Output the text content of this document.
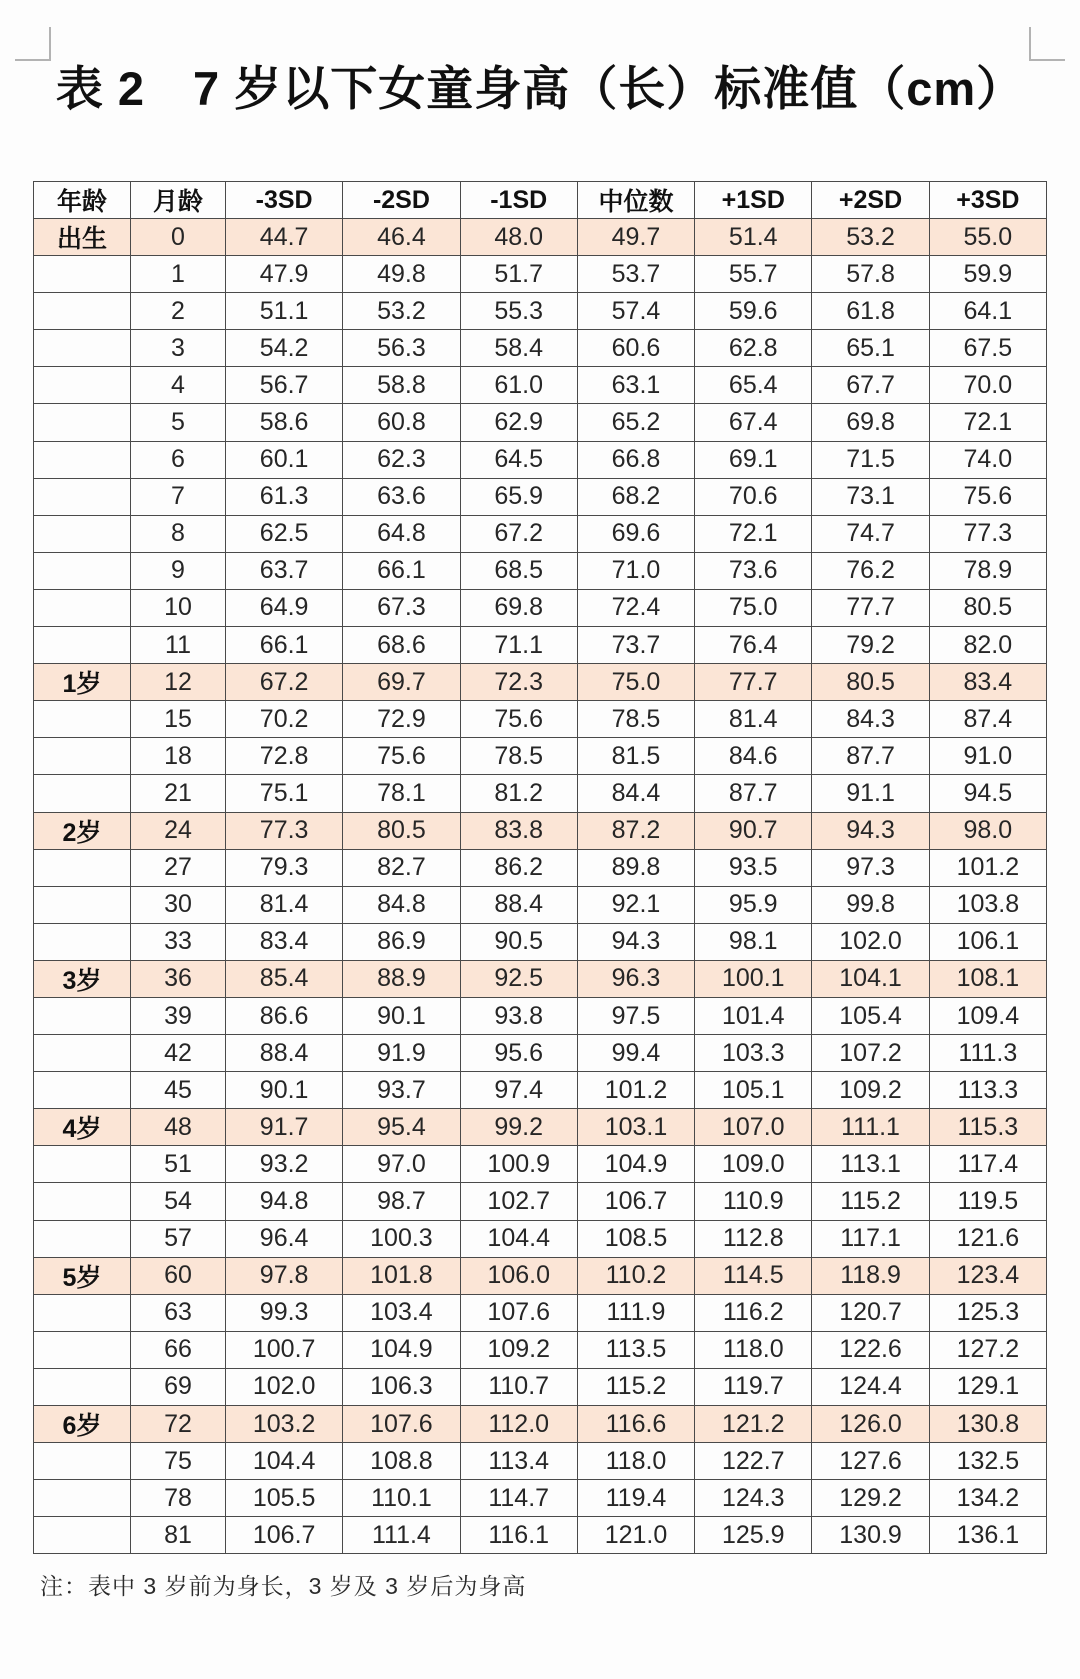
表 2　7 岁以下女童身高（长）标准值（cm）
年龄	月龄	-3SD	-2SD	-1SD	中位数	+1SD	+2SD	+3SD
出生	0	44.7	46.4	48.0	49.7	51.4	53.2	55.0
	1	47.9	49.8	51.7	53.7	55.7	57.8	59.9
	2	51.1	53.2	55.3	57.4	59.6	61.8	64.1
	3	54.2	56.3	58.4	60.6	62.8	65.1	67.5
	4	56.7	58.8	61.0	63.1	65.4	67.7	70.0
	5	58.6	60.8	62.9	65.2	67.4	69.8	72.1
	6	60.1	62.3	64.5	66.8	69.1	71.5	74.0
	7	61.3	63.6	65.9	68.2	70.6	73.1	75.6
	8	62.5	64.8	67.2	69.6	72.1	74.7	77.3
	9	63.7	66.1	68.5	71.0	73.6	76.2	78.9
	10	64.9	67.3	69.8	72.4	75.0	77.7	80.5
	11	66.1	68.6	71.1	73.7	76.4	79.2	82.0
1岁	12	67.2	69.7	72.3	75.0	77.7	80.5	83.4
	15	70.2	72.9	75.6	78.5	81.4	84.3	87.4
	18	72.8	75.6	78.5	81.5	84.6	87.7	91.0
	21	75.1	78.1	81.2	84.4	87.7	91.1	94.5
2岁	24	77.3	80.5	83.8	87.2	90.7	94.3	98.0
	27	79.3	82.7	86.2	89.8	93.5	97.3	101.2
	30	81.4	84.8	88.4	92.1	95.9	99.8	103.8
	33	83.4	86.9	90.5	94.3	98.1	102.0	106.1
3岁	36	85.4	88.9	92.5	96.3	100.1	104.1	108.1
	39	86.6	90.1	93.8	97.5	101.4	105.4	109.4
	42	88.4	91.9	95.6	99.4	103.3	107.2	111.3
	45	90.1	93.7	97.4	101.2	105.1	109.2	113.3
4岁	48	91.7	95.4	99.2	103.1	107.0	111.1	115.3
	51	93.2	97.0	100.9	104.9	109.0	113.1	117.4
	54	94.8	98.7	102.7	106.7	110.9	115.2	119.5
	57	96.4	100.3	104.4	108.5	112.8	117.1	121.6
5岁	60	97.8	101.8	106.0	110.2	114.5	118.9	123.4
	63	99.3	103.4	107.6	111.9	116.2	120.7	125.3
	66	100.7	104.9	109.2	113.5	118.0	122.6	127.2
	69	102.0	106.3	110.7	115.2	119.7	124.4	129.1
6岁	72	103.2	107.6	112.0	116.6	121.2	126.0	130.8
	75	104.4	108.8	113.4	118.0	122.7	127.6	132.5
	78	105.5	110.1	114.7	119.4	124.3	129.2	134.2
	81	106.7	111.4	116.1	121.0	125.9	130.9	136.1

注：表中 3 岁前为身长，3 岁及 3 岁后为身高
